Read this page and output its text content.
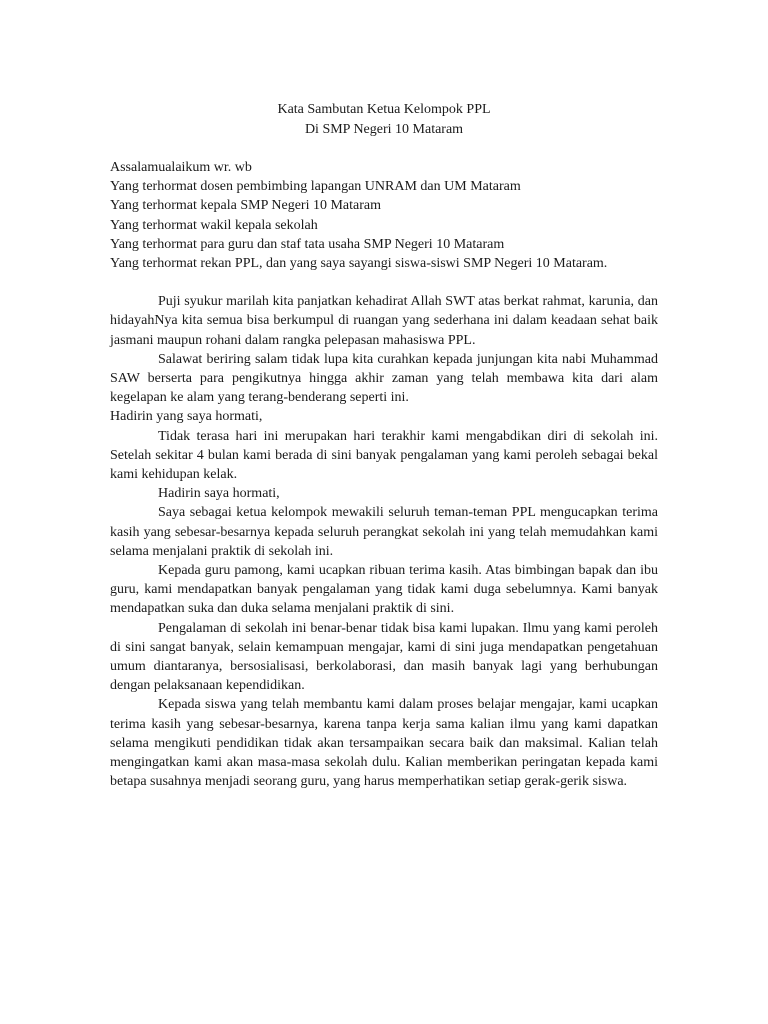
Kata Sambutan Ketua Kelompok PPL

Di SMP Negeri 10 Mataram

Assalamualaikum wr. wb

Yang terhormat dosen pembimbing lapangan UNRAM dan UM Mataram

Yang terhormat kepala SMP Negeri 10 Mataram

Yang terhormat wakil kepala sekolah

Yang terhormat para guru dan staf tata usaha SMP Negeri 10 Mataram

Yang terhormat rekan PPL, dan yang saya sayangi siswa-siswi SMP Negeri 10 Mataram.

Puji syukur marilah kita panjatkan kehadirat Allah SWT atas berkat rahmat, karunia, dan hidayahNya kita semua bisa berkumpul di ruangan yang sederhana ini dalam keadaan sehat baik jasmani maupun rohani dalam rangka pelepasan mahasiswa PPL.

Salawat beriring salam tidak lupa kita curahkan kepada junjungan kita nabi Muhammad SAW berserta para pengikutnya hingga akhir zaman yang telah membawa kita dari alam kegelapan ke alam yang terang-benderang seperti ini.

Hadirin yang saya hormati,

Tidak terasa hari ini merupakan hari terakhir kami mengabdikan diri di sekolah ini. Setelah sekitar 4 bulan kami berada di sini banyak pengalaman yang kami peroleh sebagai bekal kami kehidupan kelak.

Hadirin saya hormati,

Saya sebagai ketua kelompok mewakili seluruh teman-teman PPL mengucapkan terima kasih yang sebesar-besarnya kepada seluruh perangkat sekolah ini yang telah memudahkan kami selama menjalani praktik di sekolah ini.

Kepada guru pamong, kami ucapkan ribuan terima kasih. Atas bimbingan bapak dan ibu guru, kami mendapatkan banyak pengalaman yang tidak kami duga sebelumnya. Kami banyak mendapatkan suka dan duka selama menjalani praktik di sini.

Pengalaman di sekolah ini benar-benar tidak bisa kami lupakan. Ilmu yang kami peroleh di sini sangat banyak, selain kemampuan mengajar, kami di sini juga mendapatkan pengetahuan umum diantaranya, bersosialisasi, berkolaborasi, dan masih banyak lagi yang berhubungan dengan pelaksanaan kependidikan.

Kepada siswa yang telah membantu kami dalam proses belajar mengajar, kami ucapkan terima kasih yang sebesar-besarnya, karena tanpa kerja sama kalian ilmu yang kami dapatkan selama mengikuti pendidikan tidak akan tersampaikan secara baik dan maksimal. Kalian telah mengingatkan kami akan masa-masa sekolah dulu. Kalian memberikan peringatan kepada kami betapa susahnya menjadi seorang guru, yang harus memperhatikan setiap gerak-gerik siswa.
